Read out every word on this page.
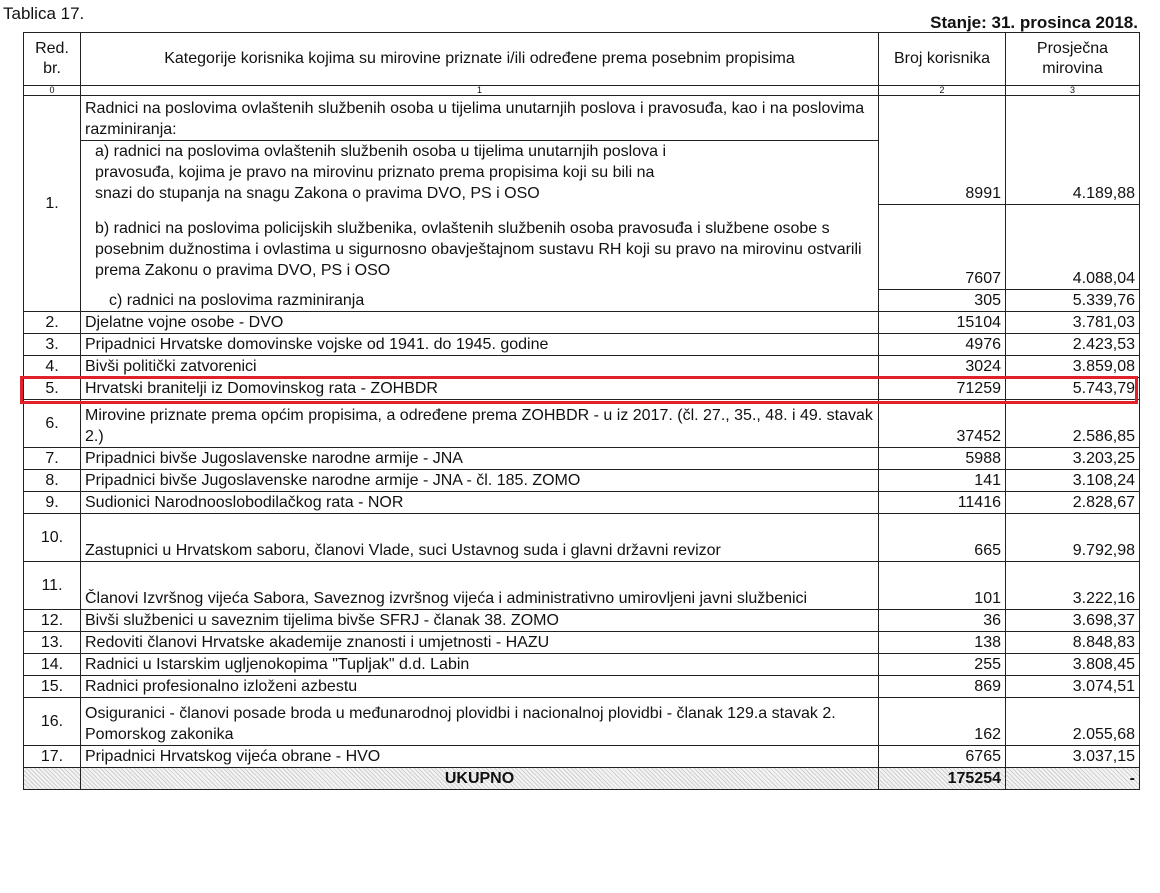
Tablica 17.	Stanje: 31. prosinca 2018.
Red. br.	Kategorije korisnika kojima su mirovine priznate i/ili određene prema posebnim propisima	Broj korisnika	Prosječna mirovina
0	1	2	3
1.	Radnici na poslovima ovlaštenih službenih osoba u tijelima unutarnjih poslova i pravosuđa, kao i na poslovima razminiranja:		
	a) radnici na poslovima ovlaštenih službenih osoba u tijelima unutarnjih poslova i pravosuđa, kojima je pravo na mirovinu priznato prema propisima koji su bili na snazi do stupanja na snagu Zakona o pravima DVO, PS i OSO	8991	4.189,88
	b) radnici na poslovima policijskih službenika, ovlaštenih službenih osoba pravosuđa i službene osobe s posebnim dužnostima i ovlastima u sigurnosno obavještajnom sustavu RH koji su pravo na mirovinu ostvarili prema Zakonu o pravima DVO, PS i OSO	7607	4.088,04
	c) radnici na poslovima razminiranja	305	5.339,76
2.	Djelatne vojne osobe - DVO	15104	3.781,03
3.	Pripadnici Hrvatske domovinske vojske od 1941. do 1945. godine	4976	2.423,53
4.	Bivši politički zatvorenici	3024	3.859,08
5.	Hrvatski branitelji iz Domovinskog rata - ZOHBDR	71259	5.743,79
6.	Mirovine priznate prema općim propisima, a određene prema ZOHBDR - u iz 2017. (čl. 27., 35., 48. i 49. stavak 2.)	37452	2.586,85
7.	Pripadnici bivše Jugoslavenske narodne armije - JNA	5988	3.203,25
8.	Pripadnici bivše Jugoslavenske narodne armije - JNA - čl. 185. ZOMO	141	3.108,24
9.	Sudionici Narodnooslobodilačkog rata - NOR	11416	2.828,67
10.	Zastupnici u Hrvatskom saboru, članovi Vlade, suci Ustavnog suda i glavni državni revizor	665	9.792,98
11.	Članovi Izvršnog vijeća Sabora, Saveznog izvršnog vijeća i administrativno umirovljeni javni službenici	101	3.222,16
12.	Bivši službenici u saveznim tijelima bivše SFRJ - članak 38. ZOMO	36	3.698,37
13.	Redoviti članovi Hrvatske akademije znanosti i umjetnosti - HAZU	138	8.848,83
14.	Radnici u Istarskim ugljenokopima "Tupljak" d.d. Labin	255	3.808,45
15.	Radnici profesionalno izloženi azbestu	869	3.074,51
16.	Osiguranici - članovi posade broda u međunarodnoj plovidbi i nacionalnoj plovidbi - članak 129.a stavak 2. Pomorskog zakonika	162	2.055,68
17.	Pripadnici Hrvatskog vijeća obrane - HVO	6765	3.037,15
	UKUPNO	175254	-
